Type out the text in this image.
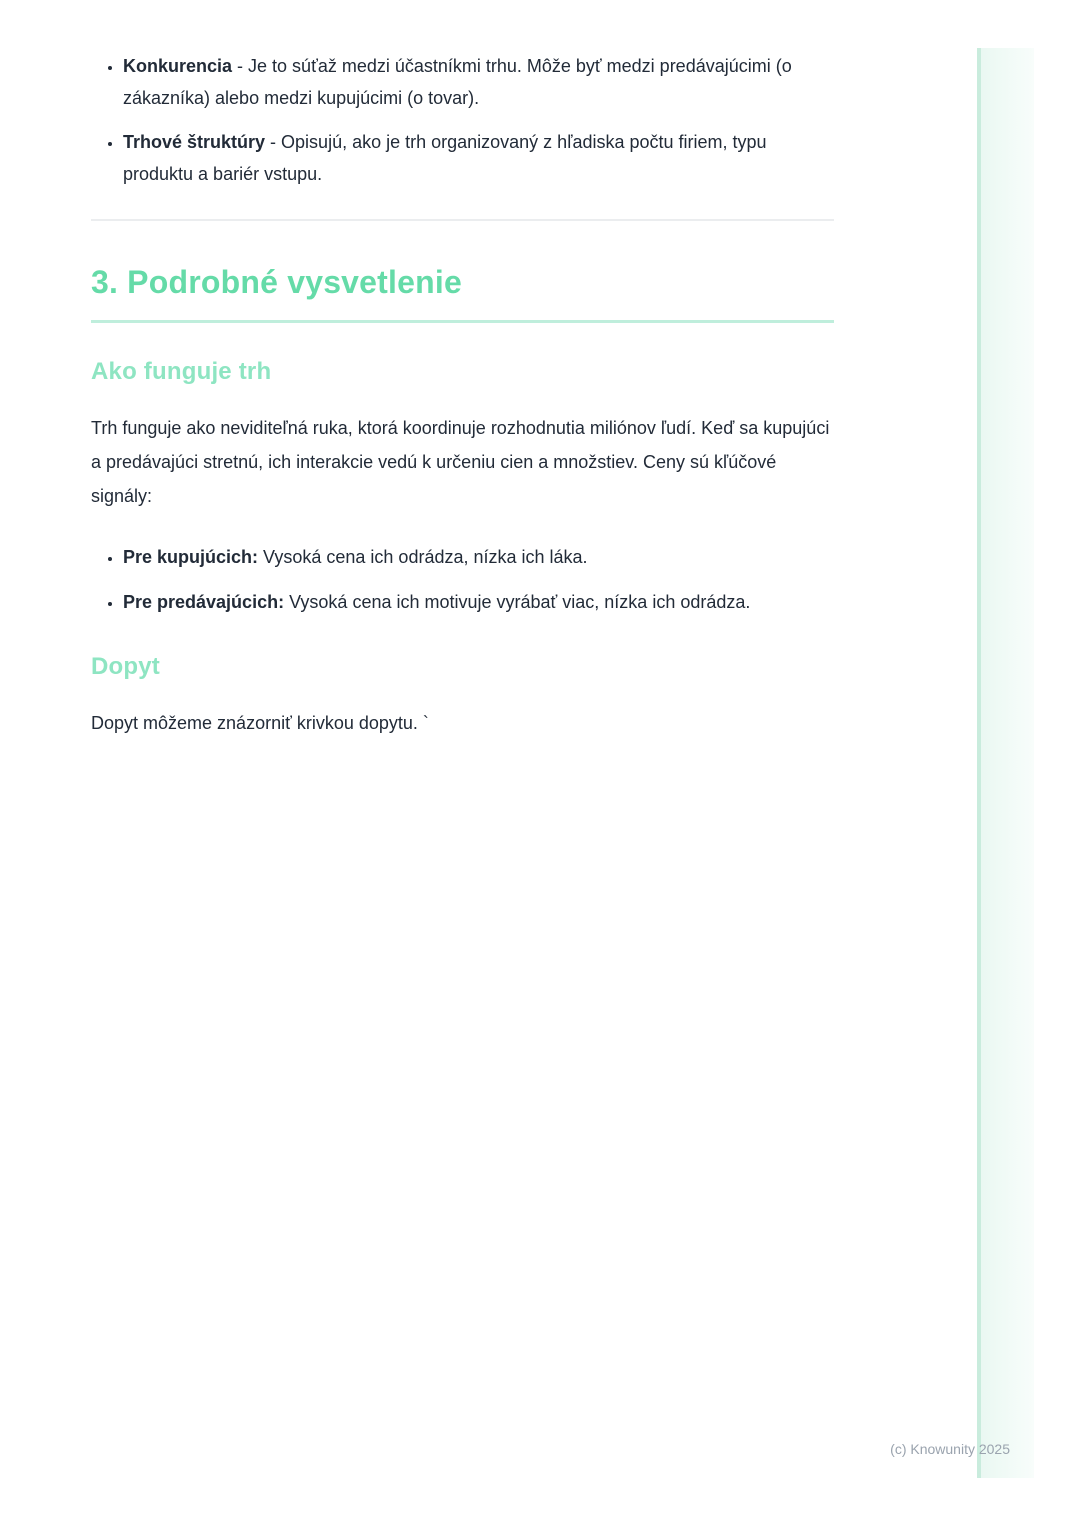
• Konkurencia - Je to súťaž medzi účastníkmi trhu. Môže byť medzi predávajúcimi (o zákazníka) alebo medzi kupujúcimi (o tovar).
• Trhové štruktúry - Opisujú, ako je trh organizovaný z hľadiska počtu firiem, typu produktu a bariér vstupu.
3. Podrobné vysvetlenie
Ako funguje trh

Trh funguje ako neviditeľná ruka, ktorá koordinuje rozhodnutia miliónov ľudí. Keď sa kupujúci a predávajúci stretnú, ich interakcie vedú k určeniu cien a množstiev. Ceny sú kľúčové signály:

• Pre kupujúcich: Vysoká cena ich odrádza, nízka ich láka.
• Pre predávajúcich: Vysoká cena ich motivuje vyrábať viac, nízka ich odrádza.
Dopyt

Dopyt môžeme znázorniť krivkou dopytu. `

(c) Knowunity 2025
